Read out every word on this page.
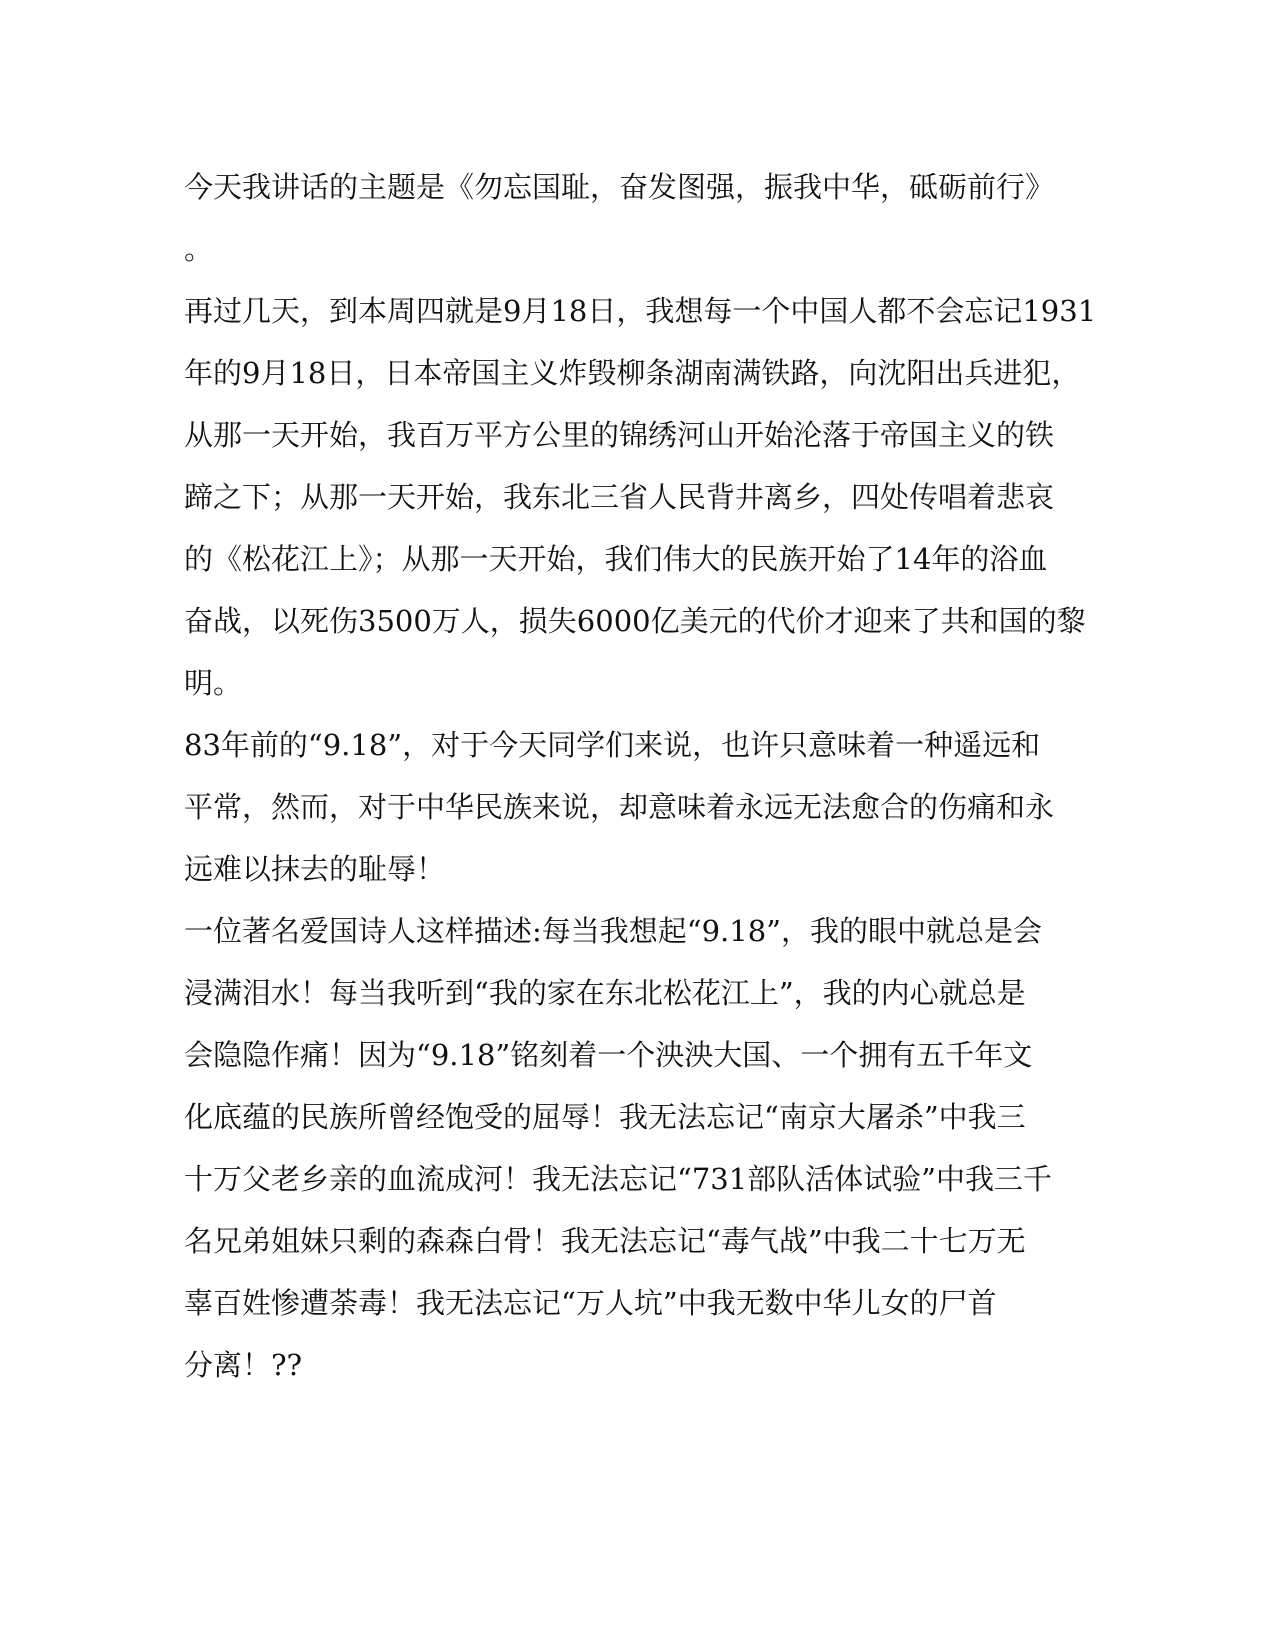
今天我讲话的主题是《勿忘国耻，奋发图强，振我中华，砥砺前行》
。

再过几天，到本周四就是9月18日，我想每一个中国人都不会忘记1931
年的9月18日，日本帝国主义炸毁柳条湖南满铁路，向沈阳出兵进犯，
从那一天开始，我百万平方公里的锦绣河山开始沦落于帝国主义的铁
蹄之下；从那一天开始，我东北三省人民背井离乡，四处传唱着悲哀
的《松花江上》；从那一天开始，我们伟大的民族开始了14年的浴血
奋战，以死伤3500万人，损失6000亿美元的代价才迎来了共和国的黎
明。

83年前的“9.18”，对于今天同学们来说，也许只意味着一种遥远和
平常，然而，对于中华民族来说，却意味着永远无法愈合的伤痛和永
远难以抹去的耻辱！

一位著名爱国诗人这样描述:每当我想起“9.18”，我的眼中就总是会
浸满泪水！每当我听到“我的家在东北松花江上”，我的内心就总是
会隐隐作痛！因为“9.18”铭刻着一个泱泱大国、一个拥有五千年文
化底蕴的民族所曾经饱受的屈辱！我无法忘记“南京大屠杀”中我三
十万父老乡亲的血流成河！我无法忘记“731部队活体试验”中我三千
名兄弟姐妹只剩的森森白骨！我无法忘记“毒气战”中我二十七万无
辜百姓惨遭荼毒！我无法忘记“万人坑”中我无数中华儿女的尸首
分离！??
